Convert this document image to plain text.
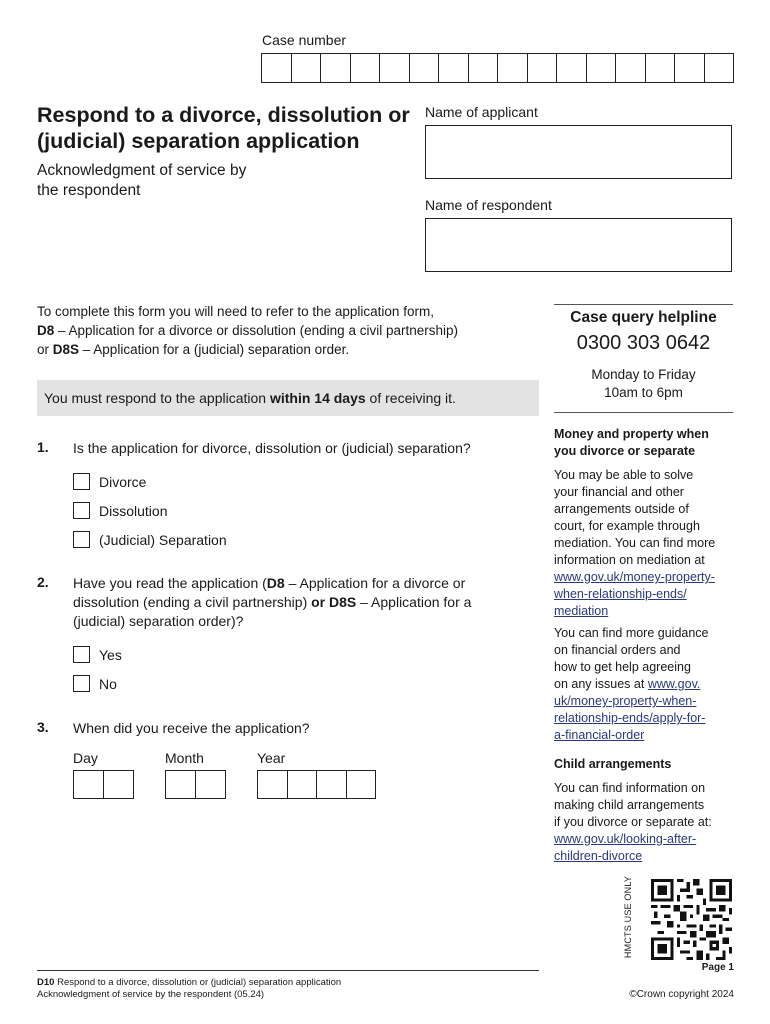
Case number
Respond to a divorce, dissolution or (judicial) separation application
Acknowledgment of service by
the respondent
Name of applicant
Name of respondent
To complete this form you will need to refer to the application form,
D8 – Application for a divorce or dissolution (ending a civil partnership)
or D8S – Application for a (judicial) separation order.
You must respond to the application within 14 days of receiving it.
1. Is the application for divorce, dissolution or (judicial) separation?
Divorce
Dissolution
(Judicial) Separation
2. Have you read the application (D8 – Application for a divorce or
dissolution (ending a civil partnership) or D8S – Application for a
(judicial) separation order)?
Yes
No
3. When did you receive the application?
Day	Month	Year
Case query helpline
0300 303 0642
Monday to Friday
10am to 6pm
Money and property when
you divorce or separate
You may be able to solve
your financial and other
arrangements outside of
court, for example through
mediation. You can find more
information on mediation at
www.gov.uk/money-property-
when-relationship-ends/
mediation
You can find more guidance
on financial orders and
how to get help agreeing
on any issues at www.gov.
uk/money-property-when-
relationship-ends/apply-for-
a-financial-order
Child arrangements
You can find information on
making child arrangements
if you divorce or separate at:
www.gov.uk/looking-after-
children-divorce
HMCTS USE ONLY
D10 Respond to a divorce, dissolution or (judicial) separation application
Acknowledgment of service by the respondent (05.24)
Page 1
©Crown copyright 2024
